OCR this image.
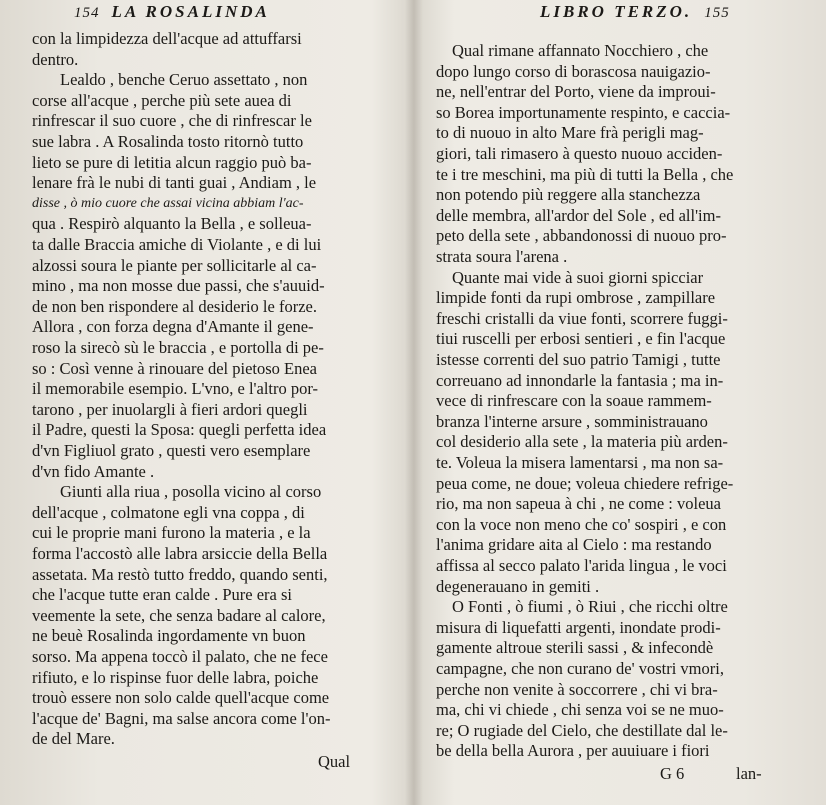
154 LA ROSALINDA
con la limpidezza dell'acque ad attuffarsi
dentro.
Lealdo , benche Ceruo assettato , non
corse all'acque , perche più sete auea di
rinfrescar il suo cuore , che di rinfrescar le
sue labra . A Rosalinda tosto ritornò tutto
lieto se pure di letitia alcun raggio può ba-
lenare frà le nubi di tanti guai , Andiam , le
disse , ò mio cuore che assai vicina abbiam l'ac-
qua . Respirò alquanto la Bella , e solleua-
ta dalle Braccia amiche di Violante , e di lui
alzossi soura le piante per sollicitarle al ca-
mino , ma non mosse due passi, che s'auuid-
de non ben rispondere al desiderio le forze.
Allora , con forza degna d'Amante il gene-
roso la sirecò sù le braccia , e portolla di pe-
so : Così venne à rinouare del pietoso Enea
il memorabile esempio. L'vno, e l'altro por-
tarono , per inuolargli à fieri ardori quegli
il Padre, questi la Sposa: quegli perfetta idea
d'vn Figliuol grato , questi vero esemplare
d'vn fido Amante .
Giunti alla riua , posolla vicino al corso
dell'acque , colmatone egli vna coppa , di
cui le proprie mani furono la materia , e la
forma l'accostò alle labra arsiccie della Bella
assetata. Ma restò tutto freddo, quando senti,
che l'acque tutte eran calde . Pure era si
veemente la sete, che senza badare al calore,
ne beuè Rosalinda ingordamente vn buon
sorso. Ma appena toccò il palato, che ne fece
rifiuto, e lo rispinse fuor delle labra, poiche
trouò essere non solo calde quell'acque come
l'acque de' Bagni, ma salse ancora come l'on-
de del Mare.
Qual
LIBRO TERZO. 155
Qual rimane affannato Nocchiero , che
dopo lungo corso di borascosa nauigazio-
ne, nell'entrar del Porto, viene da improui-
so Borea importunamente respinto, e caccia-
to di nuouo in alto Mare frà perigli mag-
giori, tali rimasero à questo nuouo acciden-
te i tre meschini, ma più di tutti la Bella , che
non potendo più reggere alla stanchezza
delle membra, all'ardor del Sole , ed all'im-
peto della sete , abbandonossi di nuouo pro-
strata soura l'arena .
Quante mai vide à suoi giorni spicciar
limpide fonti da rupi ombrose , zampillare
freschi cristalli da viue fonti, scorrere fuggi-
tiui ruscelli per erbosi sentieri , e fin l'acque
istesse correnti del suo patrio Tamigi , tutte
correuano ad innondarle la fantasia ; ma in-
vece di rinfrescare con la soaue rammem-
branza l'interne arsure , somministrauano
col desiderio alla sete , la materia più arden-
te. Voleua la misera lamentarsi , ma non sa-
peua come, ne doue; voleua chiedere refrige-
rio, ma non sapeua à chi , ne come : voleua
con la voce non meno che co' sospiri , e con
l'anima gridare aita al Cielo : ma restando
affissa al secco palato l'arida lingua , le voci
degenerauano in gemiti .
O Fonti , ò fiumi , ò Riui , che ricchi oltre
misura di liquefatti argenti, inondate prodi-
gamente altroue sterili sassi , & infecondè
campagne, che non curano de' vostri vmori,
perche non venite à soccorrere , chi vi bra-
ma, chi vi chiede , chi senza voi se ne muo-
re; O rugiade del Cielo, che destillate dal le-
be della bella Aurora , per auuiuare i fiori
G 6	lan-
